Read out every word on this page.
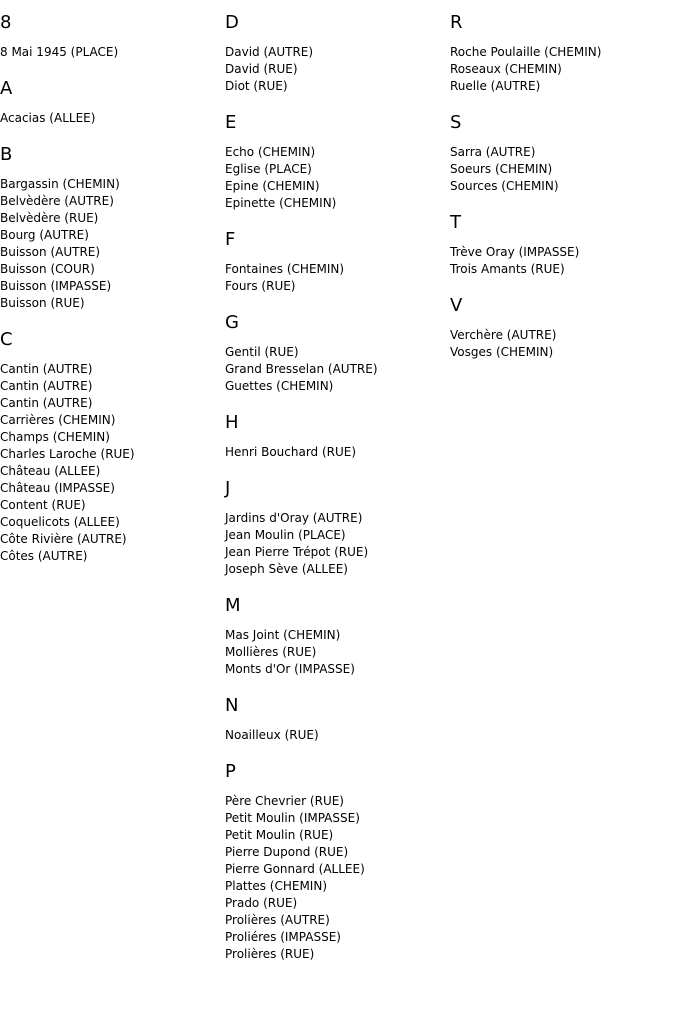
8
8 Mai 1945 (PLACE)
A
Acacias (ALLEE)
B
Bargassin (CHEMIN)
Belvèdère (AUTRE)
Belvèdère (RUE)
Bourg (AUTRE)
Buisson (AUTRE)
Buisson (COUR)
Buisson (IMPASSE)
Buisson (RUE)
C
Cantin (AUTRE)
Cantin (AUTRE)
Cantin (AUTRE)
Carrières (CHEMIN)
Champs (CHEMIN)
Charles Laroche (RUE)
Château (ALLEE)
Château (IMPASSE)
Content (RUE)
Coquelicots (ALLEE)
Côte Rivière (AUTRE)
Côtes (AUTRE)
D
David (AUTRE)
David (RUE)
Diot (RUE)
E
Echo (CHEMIN)
Eglise (PLACE)
Epine (CHEMIN)
Epinette (CHEMIN)
F
Fontaines (CHEMIN)
Fours (RUE)
G
Gentil (RUE)
Grand Bresselan (AUTRE)
Guettes (CHEMIN)
H
Henri Bouchard (RUE)
J
Jardins d'Oray (AUTRE)
Jean Moulin (PLACE)
Jean Pierre Trépot (RUE)
Joseph Sève (ALLEE)
M
Mas Joint (CHEMIN)
Mollières (RUE)
Monts d'Or (IMPASSE)
N
Noailleux (RUE)
P
Père Chevrier (RUE)
Petit Moulin (IMPASSE)
Petit Moulin (RUE)
Pierre Dupond (RUE)
Pierre Gonnard (ALLEE)
Plattes (CHEMIN)
Prado (RUE)
Prolières (AUTRE)
Proliéres (IMPASSE)
Prolières (RUE)
R
Roche Poulaille (CHEMIN)
Roseaux (CHEMIN)
Ruelle (AUTRE)
S
Sarra (AUTRE)
Soeurs (CHEMIN)
Sources (CHEMIN)
T
Trève Oray (IMPASSE)
Trois Amants (RUE)
V
Verchère (AUTRE)
Vosges (CHEMIN)
